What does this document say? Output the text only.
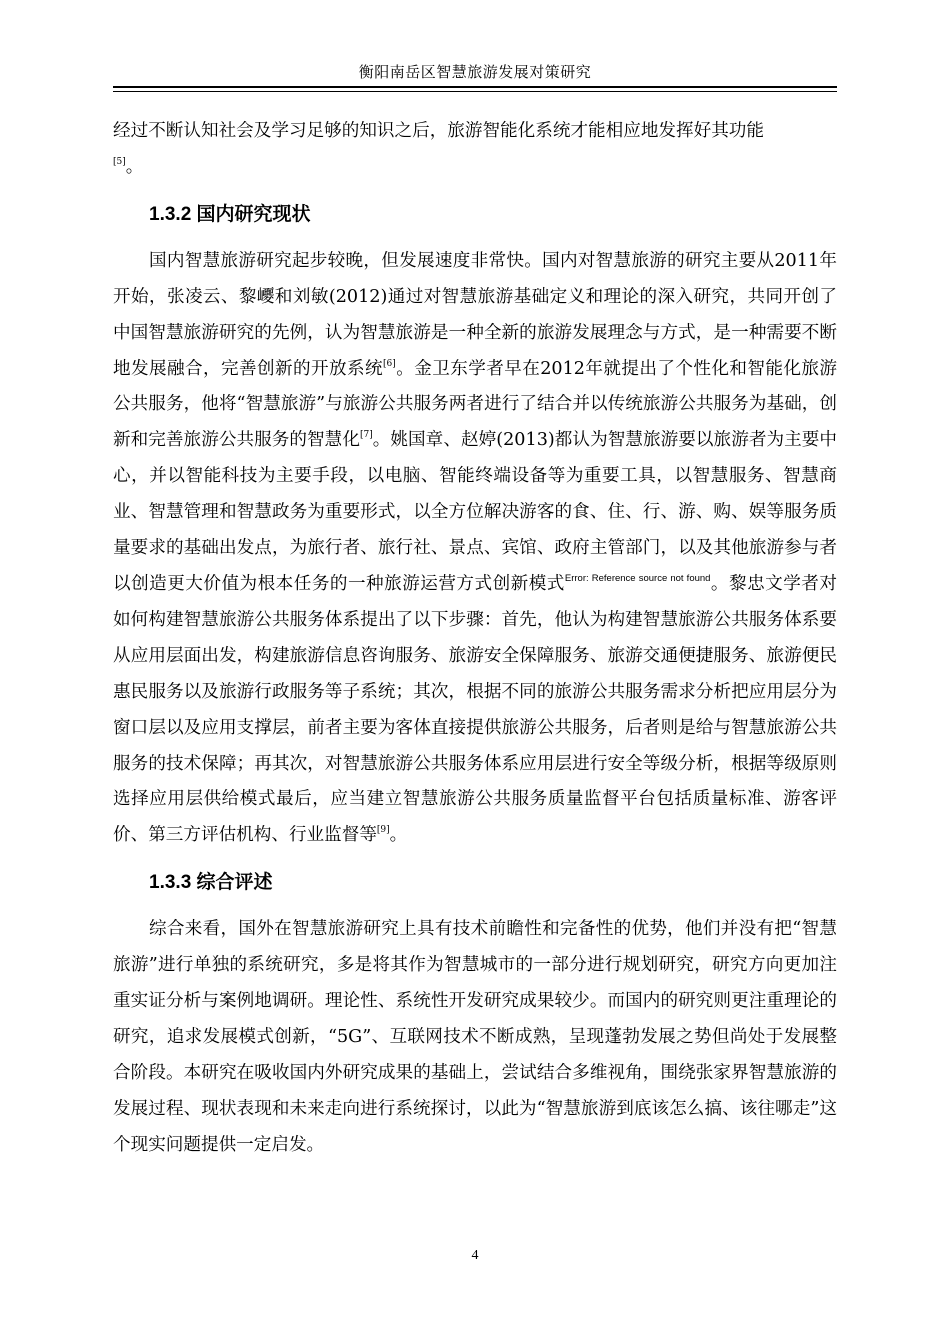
衡阳南岳区智慧旅游发展对策研究

经过不断认知社会及学习足够的知识之后，旅游智能化系统才能相应地发挥好其功能
[5]。

1.3.2 国内研究现状

国内智慧旅游研究起步较晚，但发展速度非常快。国内对智慧旅游的研究主要从2011年开始，张凌云、黎巎和刘敏(2012)通过对智慧旅游基础定义和理论的深入研究，共同开创了中国智慧旅游研究的先例，认为智慧旅游是一种全新的旅游发展理念与方式，是一种需要不断地发展融合，完善创新的开放系统[6]。金卫东学者早在2012年就提出了个性化和智能化旅游公共服务，他将“智慧旅游”与旅游公共服务两者进行了结合并以传统旅游公共服务为基础，创新和完善旅游公共服务的智慧化[7]。姚国章、赵婷(2013)都认为智慧旅游要以旅游者为主要中心，并以智能科技为主要手段，以电脑、智能终端设备等为重要工具，以智慧服务、智慧商业、智慧管理和智慧政务为重要形式，以全方位解决游客的食、住、行、游、购、娱等服务质量要求的基础出发点，为旅行者、旅行社、景点、宾馆、政府主管部门，以及其他旅游参与者以创造更大价值为根本任务的一种旅游运营方式创新模式$^{Error: Reference source not found}$。黎忠文学者对如何构建智慧旅游公共服务体系提出了以下步骤：首先，他认为构建智慧旅游公共服务体系要从应用层面出发，构建旅游信息咨询服务、旅游安全保障服务、旅游交通便捷服务、旅游便民惠民服务以及旅游行政服务等子系统；其次，根据不同的旅游公共服务需求分析把应用层分为窗口层以及应用支撑层，前者主要为客体直接提供旅游公共服务，后者则是给与智慧旅游公共服务的技术保障；再其次，对智慧旅游公共服务体系应用层进行安全等级分析，根据等级原则选择应用层供给模式最后，应当建立智慧旅游公共服务质量监督平台包括质量标准、游客评价、第三方评估机构、行业监督等[9]。

1.3.3 综合评述

综合来看，国外在智慧旅游研究上具有技术前瞻性和完备性的优势，他们并没有把“智慧旅游”进行单独的系统研究，多是将其作为智慧城市的一部分进行规划研究，研究方向更加注重实证分析与案例地调研。理论性、系统性开发研究成果较少。而国内的研究则更注重理论的研究，追求发展模式创新，“5G”、互联网技术不断成熟，呈现蓬勃发展之势但尚处于发展整合阶段。本研究在吸收国内外研究成果的基础上，尝试结合多维视角，围绕张家界智慧旅游的发展过程、现状表现和未来走向进行系统探讨，以此为“智慧旅游到底该怎么搞、该往哪走”这个现实问题提供一定启发。

4
